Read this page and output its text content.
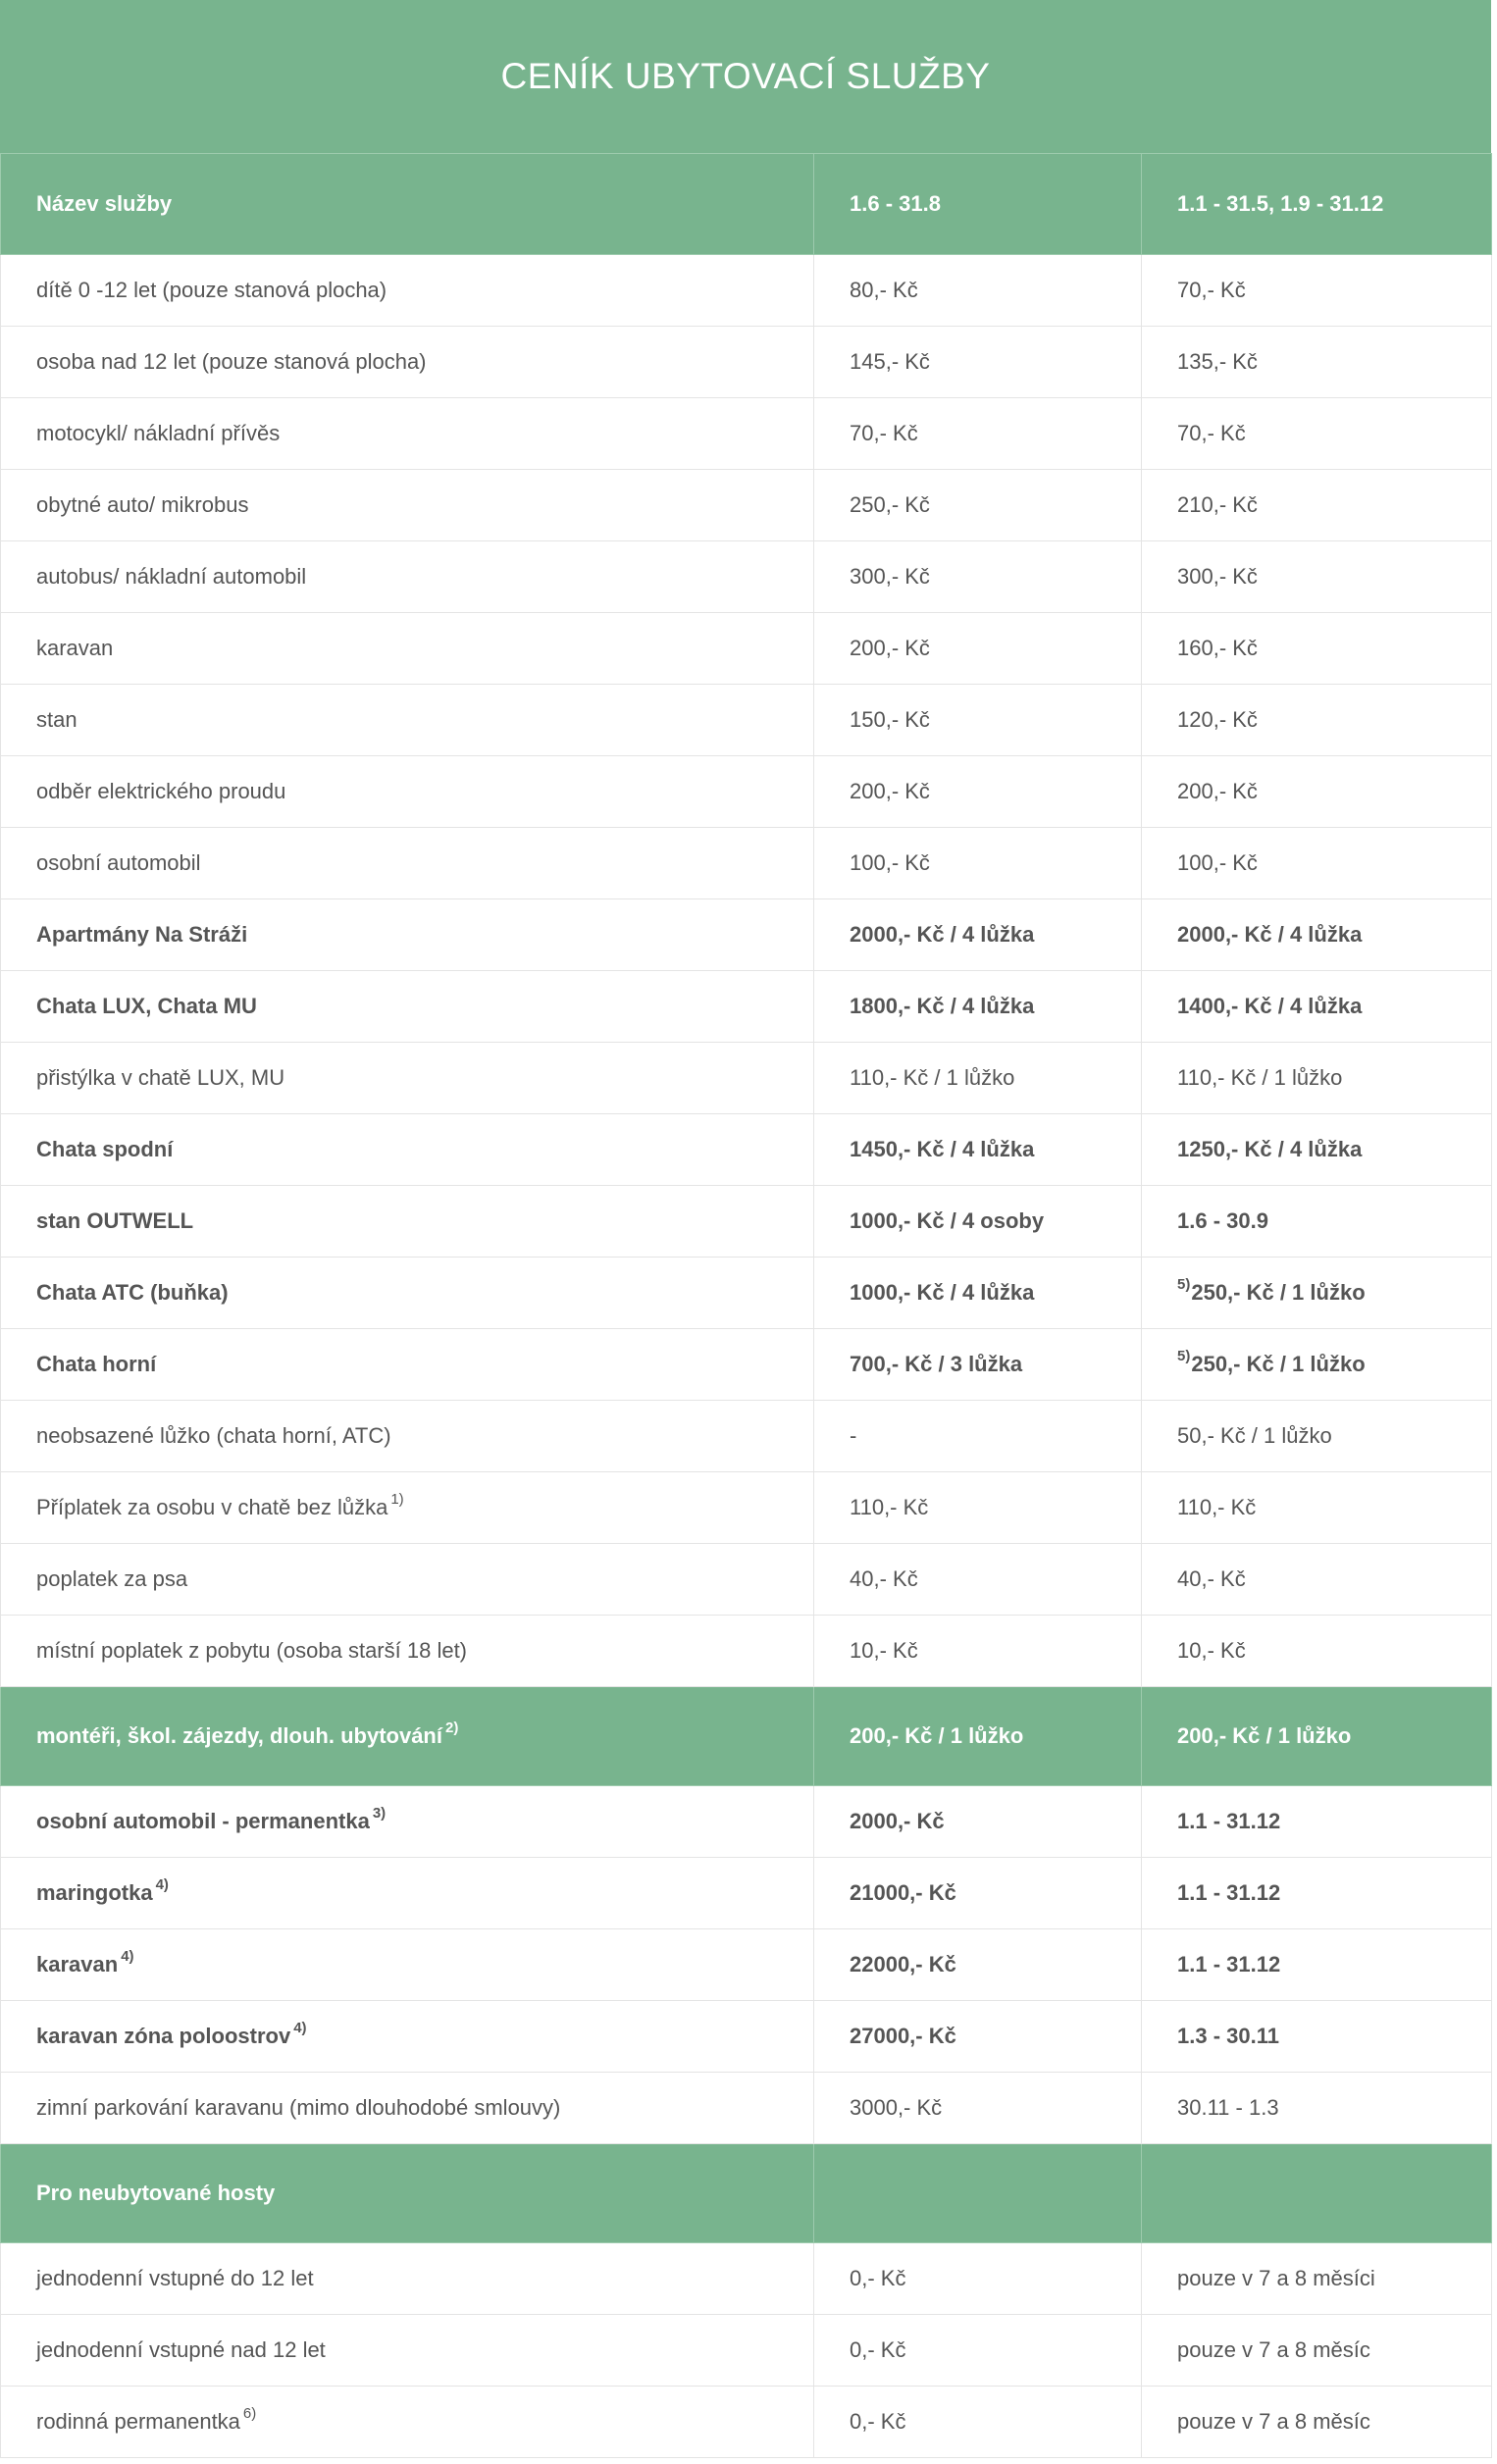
CENÍK UBYTOVACÍ SLUŽBY
Název služby	1.6 - 31.8	1.1 - 31.5, 1.9 - 31.12
dítě 0 -12 let (pouze stanová plocha)	80,- Kč	70,- Kč
osoba nad 12 let (pouze stanová plocha)	145,- Kč	135,- Kč
motocykl/ nákladní přívěs	70,- Kč	70,- Kč
obytné auto/ mikrobus	250,- Kč	210,- Kč
autobus/ nákladní automobil	300,- Kč	300,- Kč
karavan	200,- Kč	160,- Kč
stan	150,- Kč	120,- Kč
odběr elektrického proudu	200,- Kč	200,- Kč
osobní automobil	100,- Kč	100,- Kč
Apartmány Na Stráži	2000,- Kč / 4 lůžka	2000,- Kč / 4 lůžka
Chata LUX, Chata MU	1800,- Kč / 4 lůžka	1400,- Kč / 4 lůžka
přistýlka v chatě LUX, MU	110,- Kč / 1 lůžko	110,- Kč / 1 lůžko
Chata spodní	1450,- Kč / 4 lůžka	1250,- Kč / 4 lůžka
stan OUTWELL	1000,- Kč / 4 osoby	1.6 - 30.9
Chata ATC (buňka)	1000,- Kč / 4 lůžka	$^{5)}$250,- Kč / 1 lůžko
Chata horní	700,- Kč / 3 lůžka	$^{5)}$250,- Kč / 1 lůžko
neobsazené lůžko (chata horní, ATC)	-	50,- Kč / 1 lůžko
Příplatek za osobu v chatě bez lůžka $^{1)}$	110,- Kč	110,- Kč
poplatek za psa	40,- Kč	40,- Kč
místní poplatek z pobytu (osoba starší 18 let)	10,- Kč	10,- Kč
montéři, škol. zájezdy, dlouh. ubytování $^{2)}$	200,- Kč / 1 lůžko	200,- Kč / 1 lůžko
osobní automobil - permanentka $^{3)}$	2000,- Kč	1.1 - 31.12
maringotka $^{4)}$	21000,- Kč	1.1 - 31.12
karavan $^{4)}$	22000,- Kč	1.1 - 31.12
karavan zóna poloostrov $^{4)}$	27000,- Kč	1.3 - 30.11
zimní parkování karavanu (mimo dlouhodobé smlouvy)	3000,- Kč	30.11 - 1.3
Pro neubytované hosty		
jednodenní vstupné do 12 let	0,- Kč	pouze v 7 a 8 měsíci
jednodenní vstupné nad 12 let	0,- Kč	pouze v 7 a 8 měsíc
rodinná permanentka $^{6)}$	0,- Kč	pouze v 7 a 8 měsíc
